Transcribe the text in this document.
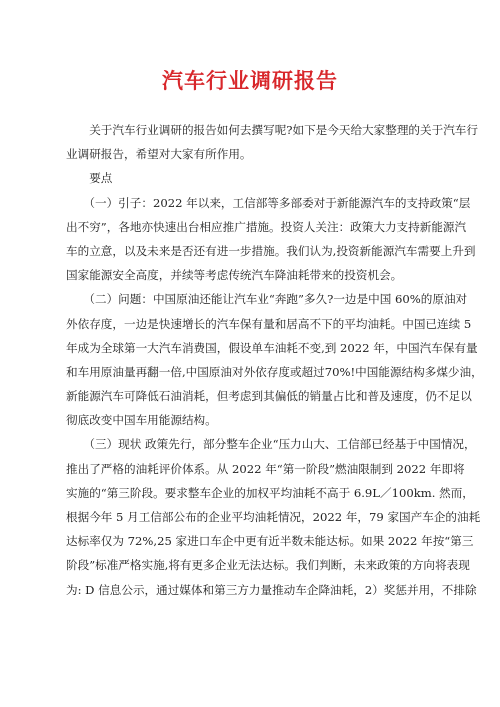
汽车行业调研报告
　　关于汽车行业调研的报告如何去撰写呢?如下是今天给大家整理的关于汽车行
业调研报告，希望对大家有所作用。
　　要点
　　（一）引子：2022 年以来，工信部等多部委对于新能源汽车的支持政策“层
出不穷”，各地亦快速出台相应推广措施。投资人关注：政策大力支持新能源汽
车的立意，以及未来是否还有进一步措施。我们认为,投资新能源汽车需要上升到
国家能源安全高度，并续等考虑传统汽车降油耗带来的投资机会。
　　（二）问题：中国原油还能让汽车业“奔跑”多久?一边是中国 60%的原油对
外依存度，一边是快速增长的汽车保有量和居高不下的平均油耗。中国已连续 5
年成为全球第一大汽车消费国，假设单车油耗不变,到 2022 年，中国汽车保有量
和车用原油量再翻一倍,中国原油对外依存度或超过70%!中国能源结构多煤少油，
新能源汽车可降低石油消耗，但考虑到其偏低的销量占比和普及速度，仍不足以
彻底改变中国车用能源结构。
　　（三）现状 政策先行，部分整车企业“压力山大、工信部已经基于中国情况，
推出了严格的油耗评价体系。从 2022 年“第一阶段”燃油限制到 2022 年即将
实施的“第三阶段。要求整车企业的加权平均油耗不高于 6.9L／100km. 然而，
根据今年 5 月工信部公布的企业平均油耗情况，2022 年，79 家国产车企的油耗
达标率仅为 72%,25 家进口车企中更有近半数未能达标。如果 2022 年按“第三
阶段”标准严格实施,将有更多企业无法达标。我们判断，未来政策的方向将表现
为: D 信息公示，通过媒体和第三方力量推动车企降油耗，2）奖惩并用，不排除
